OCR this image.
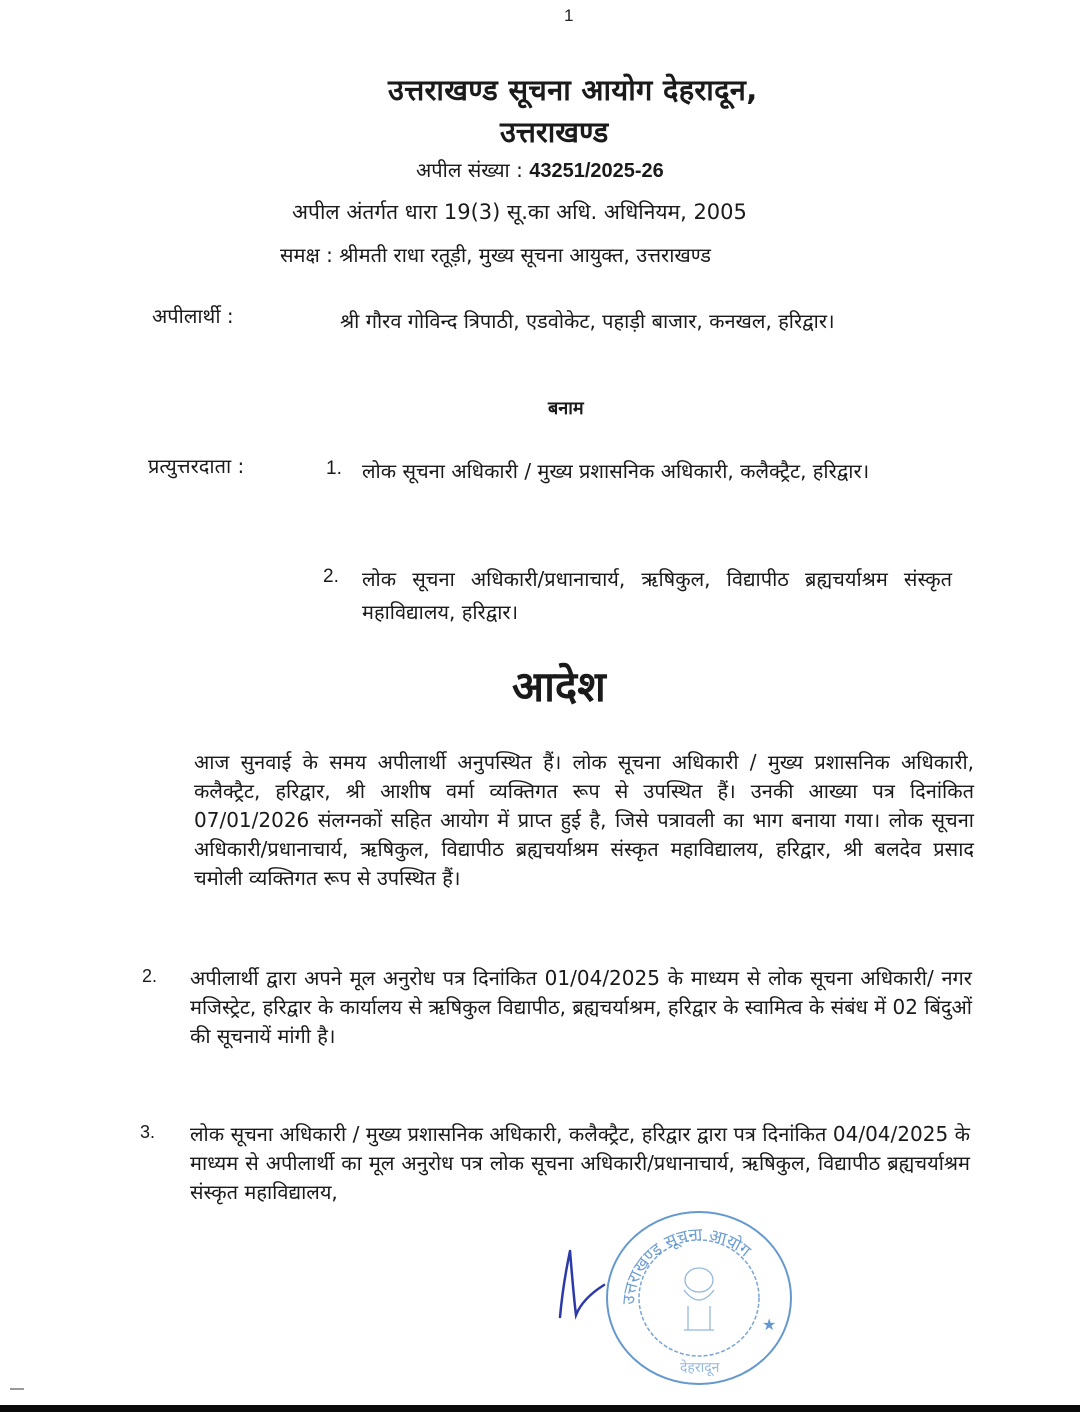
1
उत्तराखण्ड सूचना आयोग देहरादून,
उत्तराखण्ड
अपील संख्या : 43251/2025-26
अपील अंतर्गत धारा 19(3) सू.का अधि. अधिनियम, 2005
समक्ष : श्रीमती राधा रतूड़ी, मुख्य सूचना आयुक्त, उत्तराखण्ड
अपीलार्थी :	श्री गौरव गोविन्द त्रिपाठी, एडवोकेट, पहाड़ी बाजार, कनखल, हरिद्वार।
बनाम
प्रत्युत्तरदाता :	1. लोक सूचना अधिकारी / मुख्य प्रशासनिक अधिकारी, कलैक्ट्रैट, हरिद्वार।
2. लोक सूचना अधिकारी/प्रधानाचार्य, ऋषिकुल, विद्यापीठ ब्रह्यचर्याश्रम संस्कृत महाविद्यालय, हरिद्वार।
आदेश
आज सुनवाई के समय अपीलार्थी अनुपस्थित हैं। लोक सूचना अधिकारी / मुख्य प्रशासनिक अधिकारी, कलैक्ट्रैट, हरिद्वार, श्री आशीष वर्मा व्यक्तिगत रूप से उपस्थित हैं। उनकी आख्या पत्र दिनांकित 07/01/2026 संलग्नकों सहित आयोग में प्राप्त हुई है, जिसे पत्रावली का भाग बनाया गया। लोक सूचना अधिकारी/प्रधानाचार्य, ऋषिकुल, विद्यापीठ ब्रह्यचर्याश्रम संस्कृत महाविद्यालय, हरिद्वार, श्री बलदेव प्रसाद चमोली व्यक्तिगत रूप से उपस्थित हैं।
2. अपीलार्थी द्वारा अपने मूल अनुरोध पत्र दिनांकित 01/04/2025 के माध्यम से लोक सूचना अधिकारी/ नगर मजिस्ट्रेट, हरिद्वार के कार्यालय से ऋषिकुल विद्यापीठ, ब्रह्यचर्याश्रम, हरिद्वार के स्वामित्व के संबंध में 02 बिंदुओं की सूचनायें मांगी है।
3. लोक सूचना अधिकारी / मुख्य प्रशासनिक अधिकारी, कलैक्ट्रैट, हरिद्वार द्वारा पत्र दिनांकित 04/04/2025 के माध्यम से अपीलार्थी का मूल अनुरोध पत्र लोक सूचना अधिकारी/प्रधानाचार्य, ऋषिकुल, विद्यापीठ ब्रह्यचर्याश्रम संस्कृत महाविद्यालय,
उत्तराखण्ड सूचना आयोग
★
देहरादून
